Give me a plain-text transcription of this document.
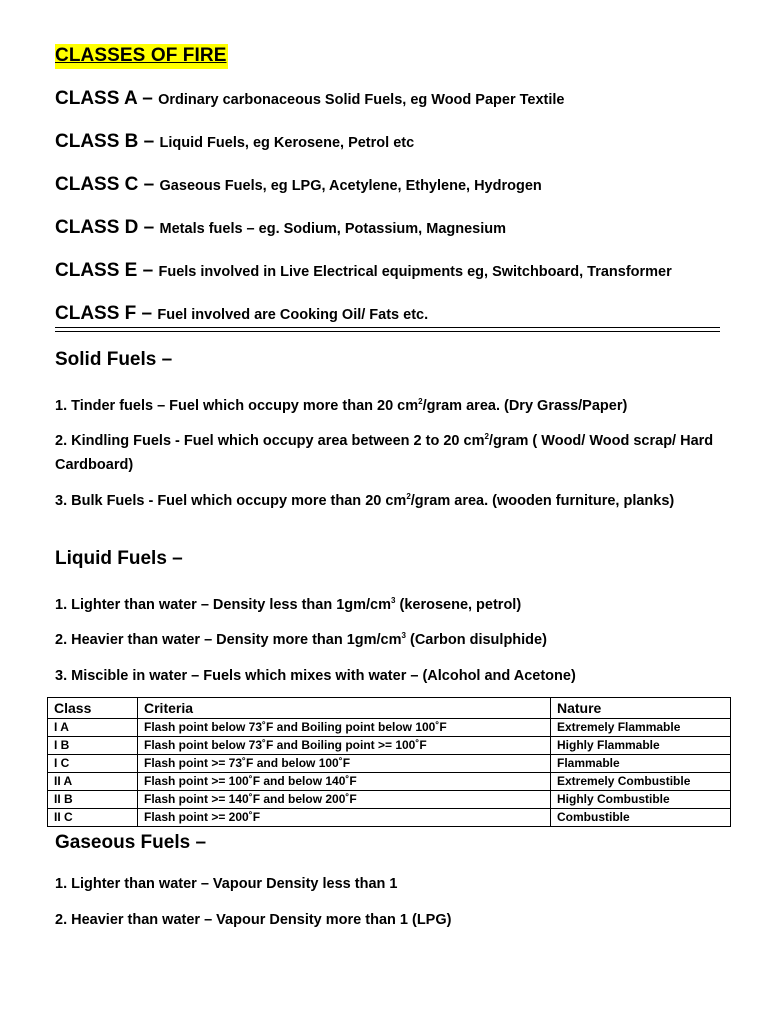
CLASSES OF FIRE
CLASS A – Ordinary carbonaceous Solid Fuels, eg Wood Paper Textile
CLASS B – Liquid Fuels, eg Kerosene, Petrol etc
CLASS C – Gaseous Fuels, eg LPG, Acetylene, Ethylene, Hydrogen
CLASS D – Metals fuels – eg. Sodium, Potassium, Magnesium
CLASS E – Fuels involved in Live Electrical equipments eg, Switchboard, Transformer
CLASS F – Fuel involved are Cooking Oil/ Fats etc.
Solid Fuels –
1. Tinder fuels – Fuel which occupy more than 20 $cm^2$/gram area. (Dry Grass/Paper)
2. Kindling Fuels - Fuel which occupy area between 2 to 20 $cm^2$/gram ( Wood/ Wood scrap/ Hard Cardboard)
3. Bulk Fuels - Fuel which occupy more than 20 $cm^2$/gram area. (wooden furniture, planks)
Liquid Fuels –
1. Lighter than water – Density less than $1gm/cm^3$ (kerosene, petrol)
2. Heavier than water – Density more than $1gm/cm^3$ (Carbon disulphide)
3. Miscible in water – Fuels which mixes with water – (Alcohol and Acetone)
Class	Criteria	Nature
I A	Flash point below 73˚F and Boiling point below 100˚F	Extremely Flammable
I B	Flash point below 73˚F and Boiling point >= 100˚F	Highly Flammable
I C	Flash point >= 73˚F and below 100˚F	Flammable
II A	Flash point >= 100˚F and below 140˚F	Extremely Combustible
II B	Flash point >= 140˚F and below 200˚F	Highly Combustible
II C	Flash point >= 200˚F	Combustible
Gaseous Fuels –
1. Lighter than water – Vapour Density less than 1
2. Heavier than water – Vapour Density more than 1 (LPG)
